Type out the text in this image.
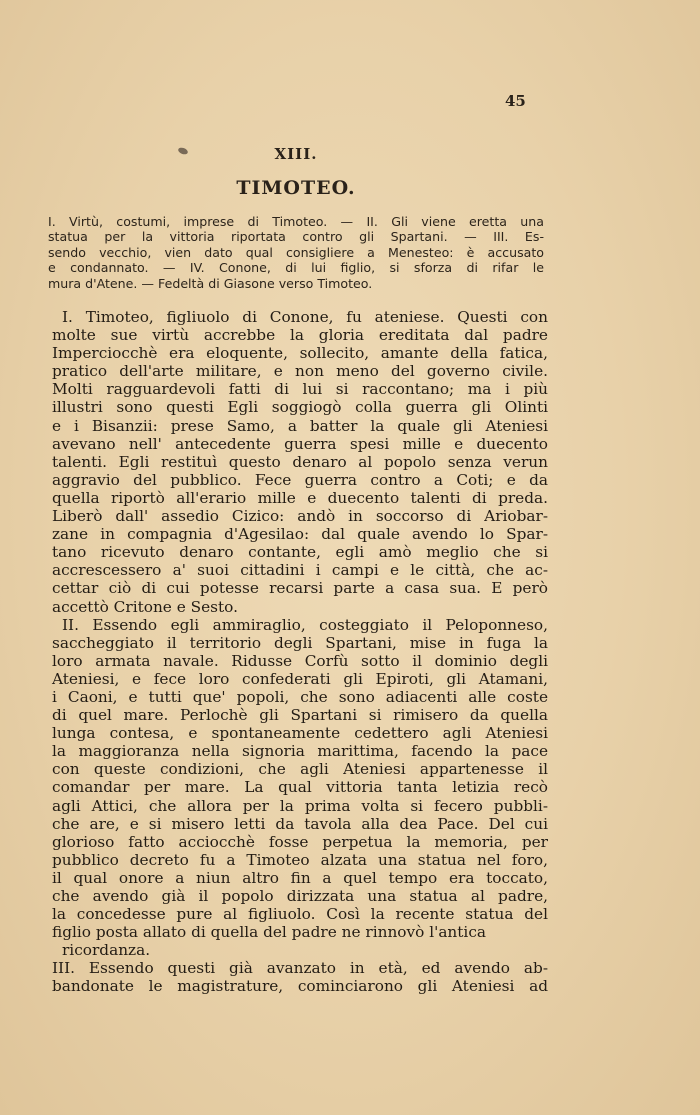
45
XIII.
TIMOTEO.
I. Virtù, costumi, imprese di Timoteo. — II. Gli viene eretta una
statua per la vittoria riportata contro gli Spartani. — III. Es-
sendo vecchio, vien dato qual consigliere a Menesteo: è accusato
e condannato. — IV. Conone, di lui figlio, si sforza di rifar le
mura d'Atene. — Fedeltà di Giasone verso Timoteo.
I. Timoteo, figliuolo di Conone, fu ateniese. Questi con
molte sue virtù accrebbe la gloria ereditata dal padre
Imperciocchè era eloquente, sollecito, amante della fatica,
pratico dell'arte militare, e non meno del governo civile.
Molti ragguardevoli fatti di lui si raccontano; ma i più
illustri sono questi Egli soggiogò colla guerra gli Olinti
e i Bisanzii: prese Samo, a batter la quale gli Ateniesi
avevano nell' antecedente guerra spesi mille e duecento
talenti. Egli restituì questo denaro al popolo senza verun
aggravio del pubblico. Fece guerra contro a Coti; e da
quella riportò all'erario mille e duecento talenti di preda.
Liberò dall' assedio Cizico: andò in soccorso di Ariobar-
zane in compagnia d'Agesilao: dal quale avendo lo Spar-
tano ricevuto denaro contante, egli amò meglio che si
accrescessero a' suoi cittadini i campi e le città, che ac-
cettar ciò di cui potesse recarsi parte a casa sua. E però
accettò Critone e Sesto.
II. Essendo egli ammiraglio, costeggiato il Peloponneso,
saccheggiato il territorio degli Spartani, mise in fuga la
loro armata navale. Ridusse Corfù sotto il dominio degli
Ateniesi, e fece loro confederati gli Epiroti, gli Atamani,
i Caoni, e tutti que' popoli, che sono adiacenti alle coste
di quel mare. Perlochè gli Spartani si rimisero da quella
lunga contesa, e spontaneamente cedettero agli Ateniesi
la maggioranza nella signoria marittima, facendo la pace
con queste condizioni, che agli Ateniesi appartenesse il
comandar per mare. La qual vittoria tanta letizia recò
agli Attici, che allora per la prima volta si fecero pubbli-
che are, e si misero letti da tavola alla dea Pace. Del cui
glorioso fatto acciocchè fosse perpetua la memoria, per
pubblico decreto fu a Timoteo alzata una statua nel foro,
il qual onore a niun altro fin a quel tempo era toccato,
che avendo già il popolo dirizzata una statua al padre,
la concedesse pure al figliuolo. Così la recente statua del
figlio posta allato di quella del padre ne rinnovò l'antica
ricordanza.
III. Essendo questi già avanzato in età, ed avendo ab-
bandonate le magistrature, cominciarono gli Ateniesi ad
